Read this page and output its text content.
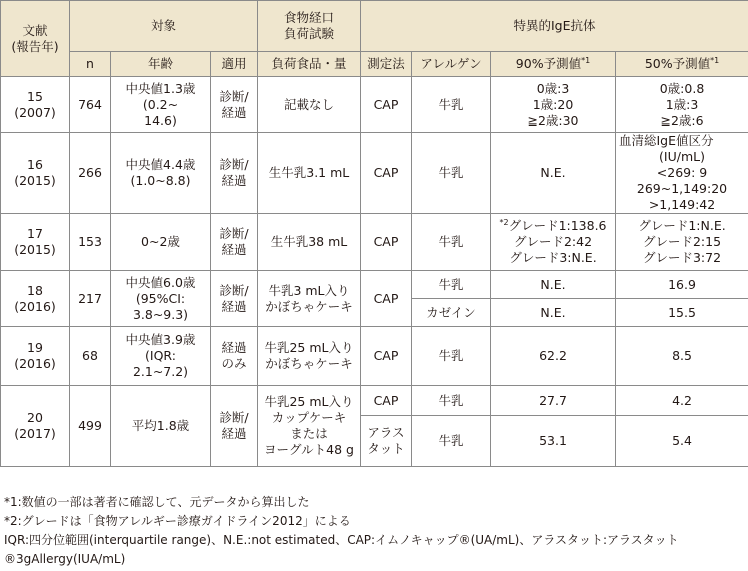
文献
(報告年)	対象			食物経口
負荷試験	特異的IgE抗体			
	n	年齢	適用	負荷食品・量	測定法	アレルゲン	90%予測値$^{*1}$	50%予測値$^{*1}$

15
(2007)	764	中央値1.3歳
(0.2~
14.6)	診断/
経過	記載なし	CAP	牛乳	0歳:3
1歳:20
≧2歳:30	0歳:0.8
1歳:3
≧2歳:6

16
(2015)	266	中央値4.4歳
(1.0~8.8)	診断/
経過	生牛乳3.1 mL	CAP	牛乳	N.E.	血清総IgE値区分
(IU/mL)
<269: 9
269~1,149:20
>1,149:42

17
(2015)	153	0~2歳	診断/
経過	生牛乳38 mL	CAP	牛乳	$^{*2}$グレード1:138.6
グレード2:42
グレード3:N.E.	グレード1:N.E.
グレード2:15
グレード3:72

18
(2016)	217	中央値6.0歳
(95%CI:
3.8~9.3)	診断/
経過	牛乳3 mL入り
かぼちゃケーキ	CAP	牛乳	N.E.	16.9
						カゼイン	N.E.	15.5

19
(2016)	68	中央値3.9歳
(IQR:
2.1~7.2)	経過
のみ	牛乳25 mL入り
かぼちゃケーキ	CAP	牛乳	62.2	8.5

20
(2017)	499	平均1.8歳	診断/
経過	牛乳25 mL入り
カップケーキ
または
ヨーグルト48 g	CAP	牛乳	27.7	4.2

					アラス
タット	牛乳	53.1	5.4
*1:数値の一部は著者に確認して、元データから算出した
*2:グレードは「食物アレルギー診療ガイドライン2012」による
IQR:四分位範囲(interquartile range)、N.E.:not estimated、CAP:イムノキャップ®(UA/mL)、アラスタット:アラスタット
®3gAllergy(IUA/mL)
